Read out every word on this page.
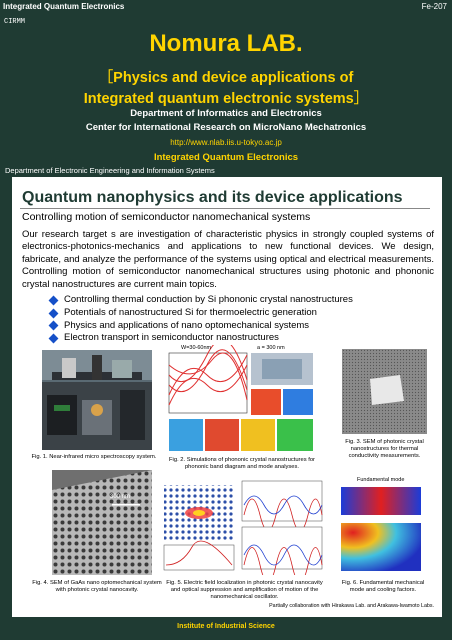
Integrated Quantum Electronics	Fe-207
CIRMM
Nomura LAB.
［Physics and device applications of
Integrated quantum electronic systems］
Department of Informatics and Electronics
Center for International Research on MicroNano Mechatronics
http://www.nlab.iis.u-tokyo.ac.jp
Integrated Quantum Electronics
Department of Electronic Engineering and Information Systems
Quantum nanophysics and its device applications
Controlling motion of semiconductor nanomechanical systems
Our research target s are investigation of characteristic physics in strongly coupled systems of electronics-photonics-mechanics and applications to new functional devices. We design, fabricate, and analyze the performance of the systems using optical and electrical measurements. Controlling motion of semiconductor nanomechanical structures using photonic and phononic crystal nanostructures are current main topics.
Controlling thermal conduction by Si phononic crystal nanostructures
Potentials of nanostructured Si for thermoelectric generation
Physics and applications of nano optomechanical systems
Electron transport in semiconductor nanostructures
Fig. 1. Near-infrared micro spectroscopy system.
W=30-60nm	a = 300 nm
Fig. 2. Simulations of phononic crystal nanostructures for phononic band diagram and mode analyses.
Fig. 3. SEM of photonic crystal nanostructures for thermal conductivity measurements.
300 nm
Fig. 4. SEM of GaAs nano optomechanical system with photonic crystal nanocavity.
Fig. 5. Electric field localization in photonic crystal nanocavity and optical suppression and amplification of motion of the nanomechanical oscillator.
Fundamental mode
Fig. 6. Fundamental mechanical mode and cooling factors.
Partially collaboration with Hirakawa Lab. and Arakawa-Iwamoto Labs.
Institute of Industrial Science
